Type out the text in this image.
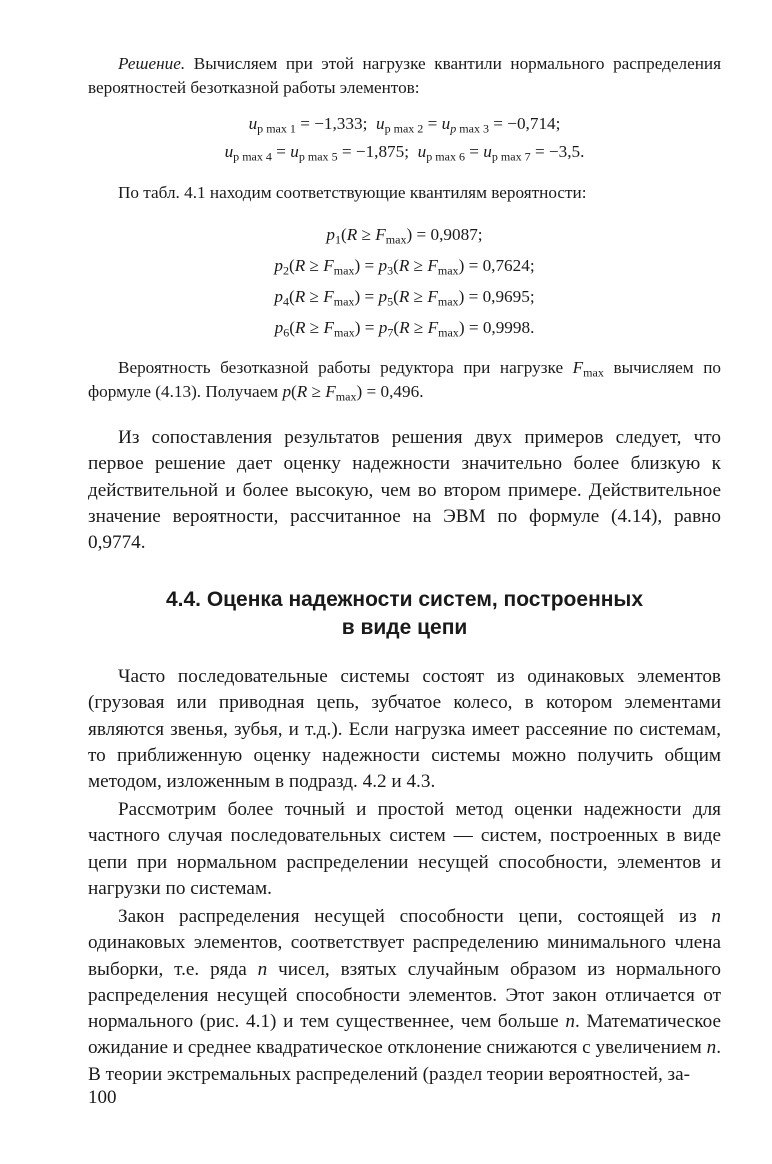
Решение. Вычисляем при этой нагрузке квантили нормального распределения вероятностей безотказной работы элементов:

$u_{p max 1} = -1,333$;  $u_{p max 2} = u_{p max 3} = -0,714$;

$u_{p max 4} = u_{p max 5} = -1,875$;  $u_{p max 6} = u_{p max 7} = -3,5$.

По табл. 4.1 находим соответствующие квантилям вероятности:

$p_1(R \ge F_{max}) = 0,9087$;

$p_2(R \ge F_{max}) = p_3(R \ge F_{max}) = 0,7624$;

$p_4(R \ge F_{max}) = p_5(R \ge F_{max}) = 0,9695$;

$p_6(R \ge F_{max}) = p_7(R \ge F_{max}) = 0,9998$.

Вероятность безотказной работы редуктора при нагрузке $F_{max}$ вычисляем по формуле (4.13). Получаем $p(R \ge F_{max}) = 0,496$.

Из сопоставления результатов решения двух примеров следует, что первое решение дает оценку надежности значительно более близкую к действительной и более высокую, чем во втором примере. Действительное значение вероятности, рассчитанное на ЭВМ по формуле (4.14), равно 0,9774.

4.4. Оценка надежности систем, построенных

в виде цепи

Часто последовательные системы состоят из одинаковых элементов (грузовая или приводная цепь, зубчатое колесо, в котором элементами являются звенья, зубья, и т.д.). Если нагрузка имеет рассеяние по системам, то приближенную оценку надежности системы можно получить общим методом, изложенным в подразд. 4.2 и 4.3.

Рассмотрим более точный и простой метод оценки надежности для частного случая последовательных систем — систем, построенных в виде цепи при нормальном распределении несущей способности, элементов и нагрузки по системам.

Закон распределения несущей способности цепи, состоящей из n одинаковых элементов, соответствует распределению минимального члена выборки, т.е. ряда n чисел, взятых случайным образом из нормального распределения несущей способности элементов. Этот закон отличается от нормального (рис. 4.1) и тем существеннее, чем больше n. Математическое ожидание и среднее квадратическое отклонение снижаются с увеличением n. В теории экстремальных распределений (раздел теории вероятностей, за-

100
